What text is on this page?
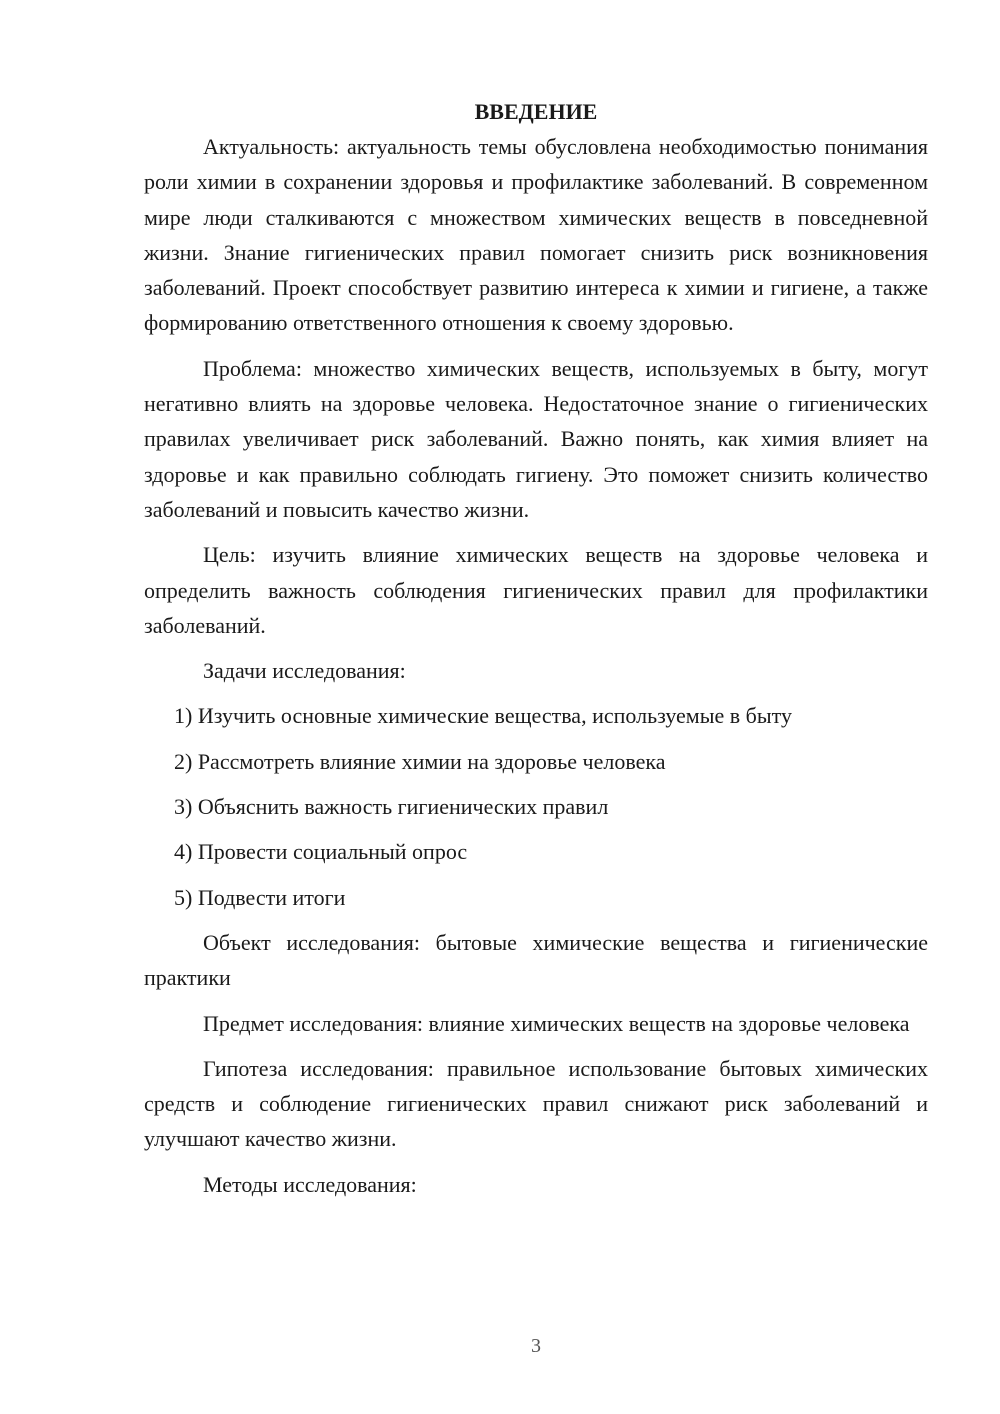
ВВЕДЕНИЕ

Актуальность: актуальность темы обусловлена необходимостью понимания роли химии в сохранении здоровья и профилактике заболеваний. В современном мире люди сталкиваются с множеством химических веществ в повседневной жизни. Знание гигиенических правил помогает снизить риск возникновения заболеваний. Проект способствует развитию интереса к химии и гигиене, а также формированию ответственного отношения к своему здоровью.

Проблема: множество химических веществ, используемых в быту, могут негативно влиять на здоровье человека. Недостаточное знание о гигиенических правилах увеличивает риск заболеваний. Важно понять, как химия влияет на здоровье и как правильно соблюдать гигиену. Это поможет снизить количество заболеваний и повысить качество жизни.

Цель: изучить влияние химических веществ на здоровье человека и определить важность соблюдения гигиенических правил для профилактики заболеваний.

Задачи исследования:

1) Изучить основные химические вещества, используемые в быту
2) Рассмотреть влияние химии на здоровье человека
3) Объяснить важность гигиенических правил
4) Провести социальный опрос
5) Подвести итоги

Объект исследования: бытовые химические вещества и гигиенические практики

Предмет исследования: влияние химических веществ на здоровье человека

Гипотеза исследования: правильное использование бытовых химических средств и соблюдение гигиенических правил снижают риск заболеваний и улучшают качество жизни.

Методы исследования:

3
